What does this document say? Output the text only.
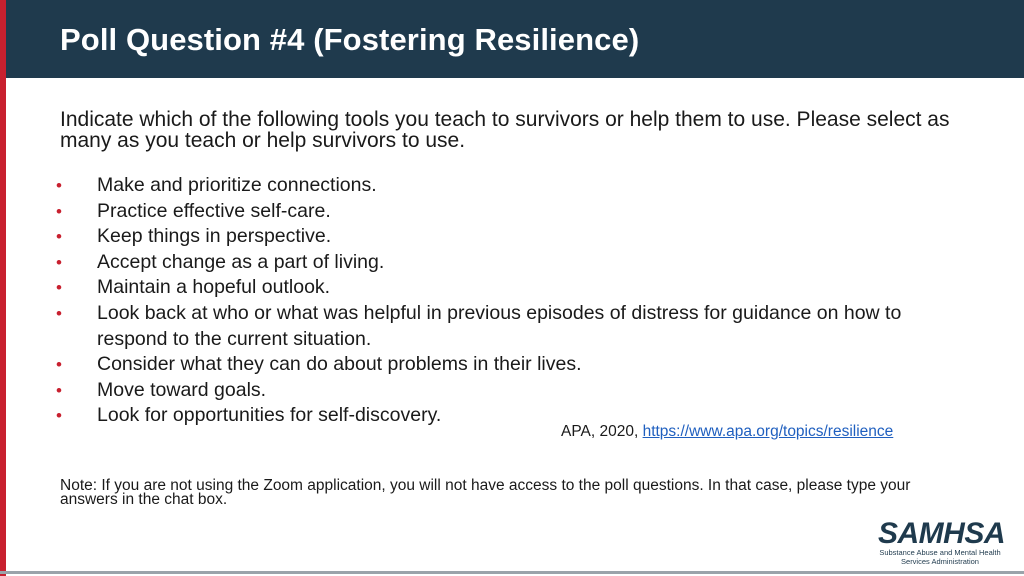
Poll Question #4 (Fostering Resilience)
Indicate which of the following tools you teach to survivors or help them to use. Please select as many as you teach or help survivors to use.
• Make and prioritize connections.
• Practice effective self-care.
• Keep things in perspective.
• Accept change as a part of living.
• Maintain a hopeful outlook.
• Look back at who or what was helpful in previous episodes of distress for guidance on how to respond to the current situation.
• Consider what they can do about problems in their lives.
• Move toward goals.
• Look for opportunities for self-discovery.
APA, 2020, https://www.apa.org/topics/resilience
Note: If you are not using the Zoom application, you will not have access to the poll questions. In that case, please type your answers in the chat box.
SAMHSA
Substance Abuse and Mental Health
Services Administration
